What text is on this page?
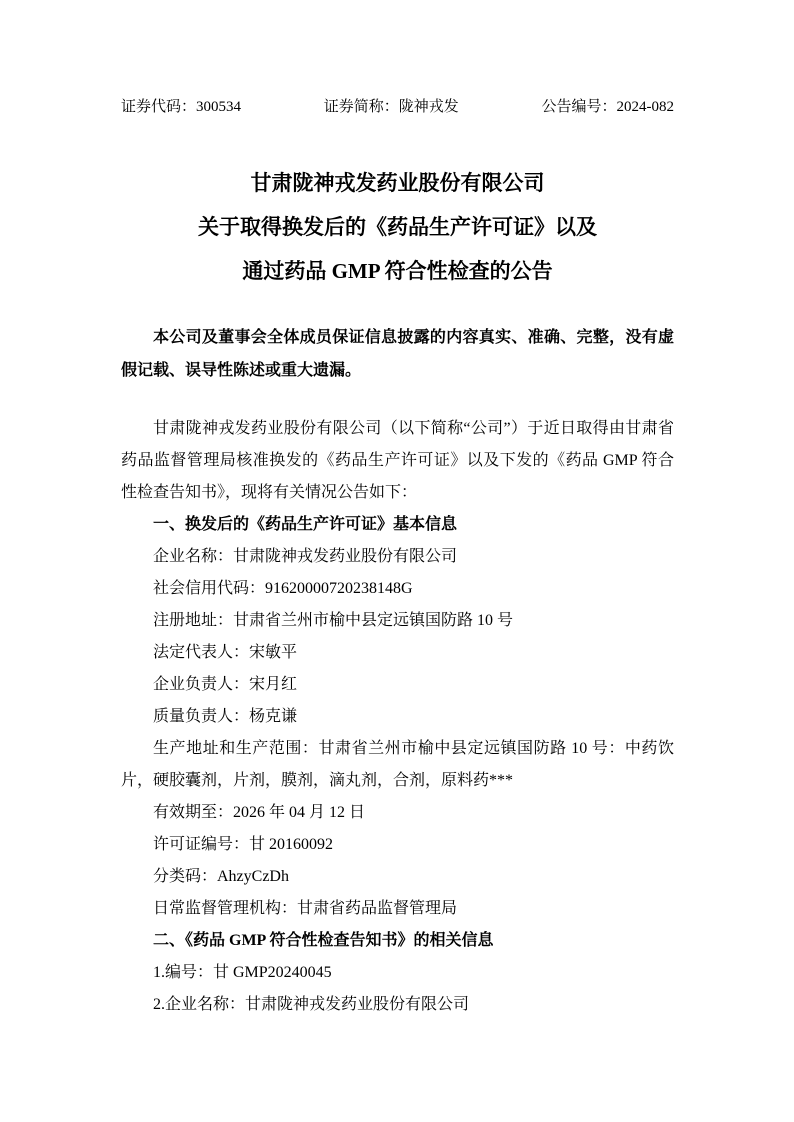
证券代码：300534	证券简称：陇神戎发	公告编号：2024-082
甘肃陇神戎发药业股份有限公司
关于取得换发后的《药品生产许可证》以及
通过药品 GMP 符合性检查的公告

本公司及董事会全体成员保证信息披露的内容真实、准确、完整，没有虚假记载、误导性陈述或重大遗漏。

甘肃陇神戎发药业股份有限公司（以下简称“公司”）于近日取得由甘肃省药品监督管理局核准换发的《药品生产许可证》以及下发的《药品 GMP 符合性检查告知书》，现将有关情况公告如下：

一、换发后的《药品生产许可证》基本信息

企业名称：甘肃陇神戎发药业股份有限公司

社会信用代码：91620000720238148G

注册地址：甘肃省兰州市榆中县定远镇国防路 10 号

法定代表人：宋敏平

企业负责人：宋月红

质量负责人：杨克谦

生产地址和生产范围：甘肃省兰州市榆中县定远镇国防路 10 号：中药饮片，硬胶囊剂，片剂，膜剂，滴丸剂，合剂，原料药***

有效期至：2026 年 04 月 12 日

许可证编号：甘 20160092

分类码：AhzyCzDh

日常监督管理机构：甘肃省药品监督管理局

二、《药品 GMP 符合性检查告知书》的相关信息

1.编号：甘 GMP20240045

2.企业名称：甘肃陇神戎发药业股份有限公司
